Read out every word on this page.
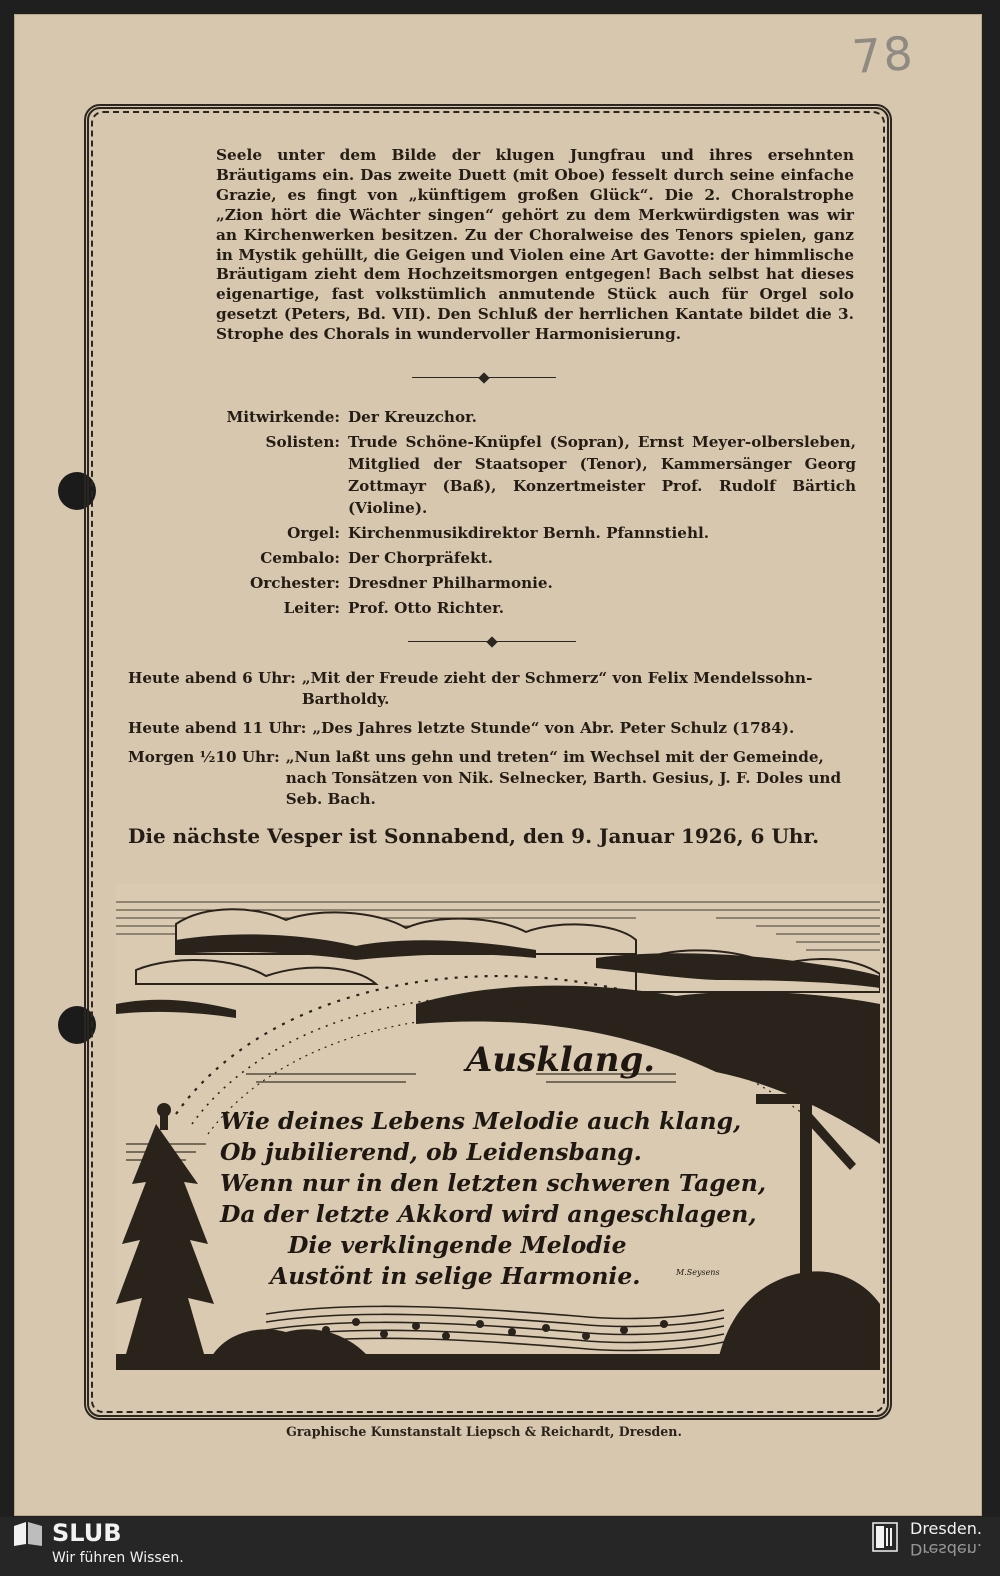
78
Seele unter dem Bilde der klugen Jungfrau und ihres ersehnten Bräutigams ein. Das zweite Duett (mit Oboe) fesselt durch seine einfache Grazie, es fingt von „künftigem großen Glück“. Die 2. Choralstrophe „Zion hört die Wächter singen“ gehört zu dem Merkwürdigsten was wir an Kirchenwerken besitzen. Zu der Choralweise des Tenors spielen, ganz in Mystik gehüllt, die Geigen und Violen eine Art Gavotte: der himmlische Bräutigam zieht dem Hochzeitsmorgen entgegen! Bach selbst hat dieses eigenartige, fast volkstümlich anmutende Stück auch für Orgel solo gesetzt (Peters, Bd. VII). Den Schluß der herrlichen Kantate bildet die 3. Strophe des Chorals in wundervoller Harmonisierung.
Mitwirkende: Der Kreuzchor.
Solisten: Trude Schöne-Knüpfel (Sopran), Ernst Meyer-olbersleben, Mitglied der Staatsoper (Tenor), Kammersänger Georg Zottmayr (Baß), Konzertmeister Prof. Rudolf Bärtich (Violine).
Orgel: Kirchenmusikdirektor Bernh. Pfannstiehl.
Cembalo: Der Chorpräfekt.
Orchester: Dresdner Philharmonie.
Leiter: Prof. Otto Richter.
Heute abend 6 Uhr: „Mit der Freude zieht der Schmerz“ von Felix Mendelssohn-Bartholdy.
Heute abend 11 Uhr: „Des Jahres letzte Stunde“ von Abr. Peter Schulz (1784).
Morgen ½10 Uhr: „Nun laßt uns gehn und treten“ im Wechsel mit der Gemeinde, nach Tonsätzen von Nik. Selnecker, Barth. Gesius, J. F. Doles und Seb. Bach.
Die nächste Vesper ist Sonnabend, den 9. Januar 1926, 6 Uhr.
Ausklang.
Wie deines Lebens Melodie auch klang,
Ob jubilierend, ob Leidensbang.
Wenn nur in den letzten schweren Tagen,
Da der letzte Akkord wird angeschlagen,
Die verklingende Melodie
Austönt in selige Harmonie.	M.Seysens
Graphische Kunstanstalt Liepsch & Reichardt, Dresden.
SLUB
Wir führen Wissen.
Dresden.
Dresden.
